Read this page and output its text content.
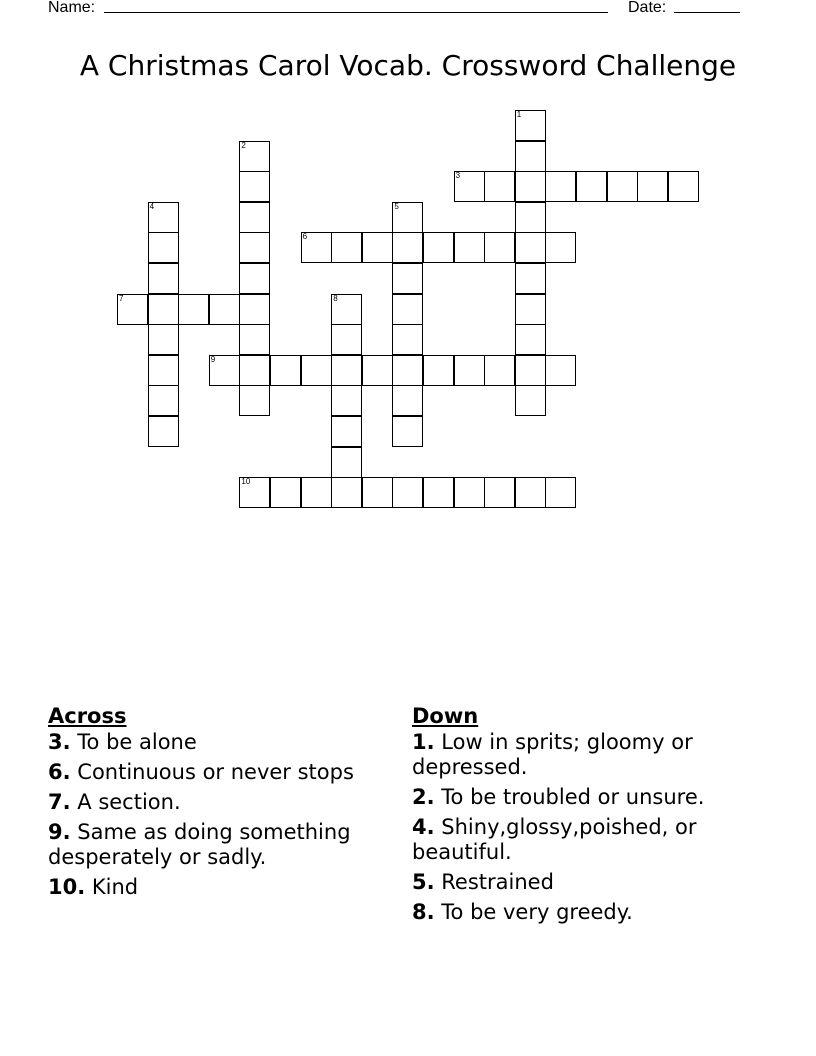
Name:	Date:
A Christmas Carol Vocab. Crossword Challenge
1
2
3
4	5
6
7	8
9
10
Across
3. To be alone
6. Continuous or never stops
7. A section.
9. Same as doing something desperately or sadly.
10. Kind
Down
1. Low in sprits; gloomy or depressed.
2. To be troubled or unsure.
4. Shiny,glossy,poished, or beautiful.
5. Restrained
8. To be very greedy.
